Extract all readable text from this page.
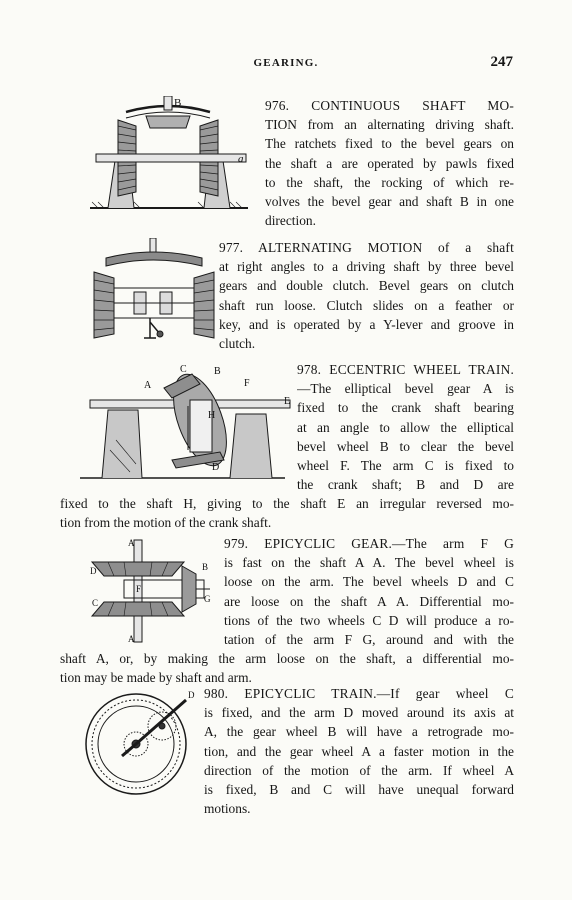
GEARING.	247
B
a
976. CONTINUOUS SHAFT MO-
TION from an alternating driving shaft.
The ratchets fixed to the bevel gears on
the shaft a are operated by pawls fixed
to the shaft, the rocking of which re-
volves the bevel gear and shaft B in one
direction.
977. ALTERNATING MOTION of a shaft
at right angles to a driving shaft by three bevel
gears and double clutch. Bevel gears on clutch
shaft run loose. Clutch slides on a feather or
key, and is operated by a Y-lever and groove in
clutch.
A
B
F
C
H
E
D
978. ECCENTRIC WHEEL TRAIN.
—The elliptical bevel gear A is
fixed to the crank shaft bearing
at an angle to allow the elliptical
bevel wheel B to clear the bevel
wheel F. The arm C is fixed to
the crank shaft; B and D are
fixed to the shaft H, giving to the shaft E an irregular reversed mo-
tion from the motion of the crank shaft.
A
D	B
F
G
C
A
979. EPICYCLIC GEAR.—The arm F G
is fast on the shaft A A. The bevel wheel is
loose on the arm. The bevel wheels D and C
are loose on the shaft A A. Differential mo-
tions of the two wheels C D will produce a ro-
tation of the arm F G, around and with the
shaft A, or, by making the arm loose on the shaft, a differential mo-
tion may be made by shaft and arm.
D 980. EPICYCLIC TRAIN.—If gear wheel C
is fixed, and the arm D moved around its axis at
A, the gear wheel B will have a retrograde mo-
tion, and the gear wheel A a faster motion in the
direction of the motion of the arm. If wheel A
is fixed, B and C will have unequal forward
motions.
